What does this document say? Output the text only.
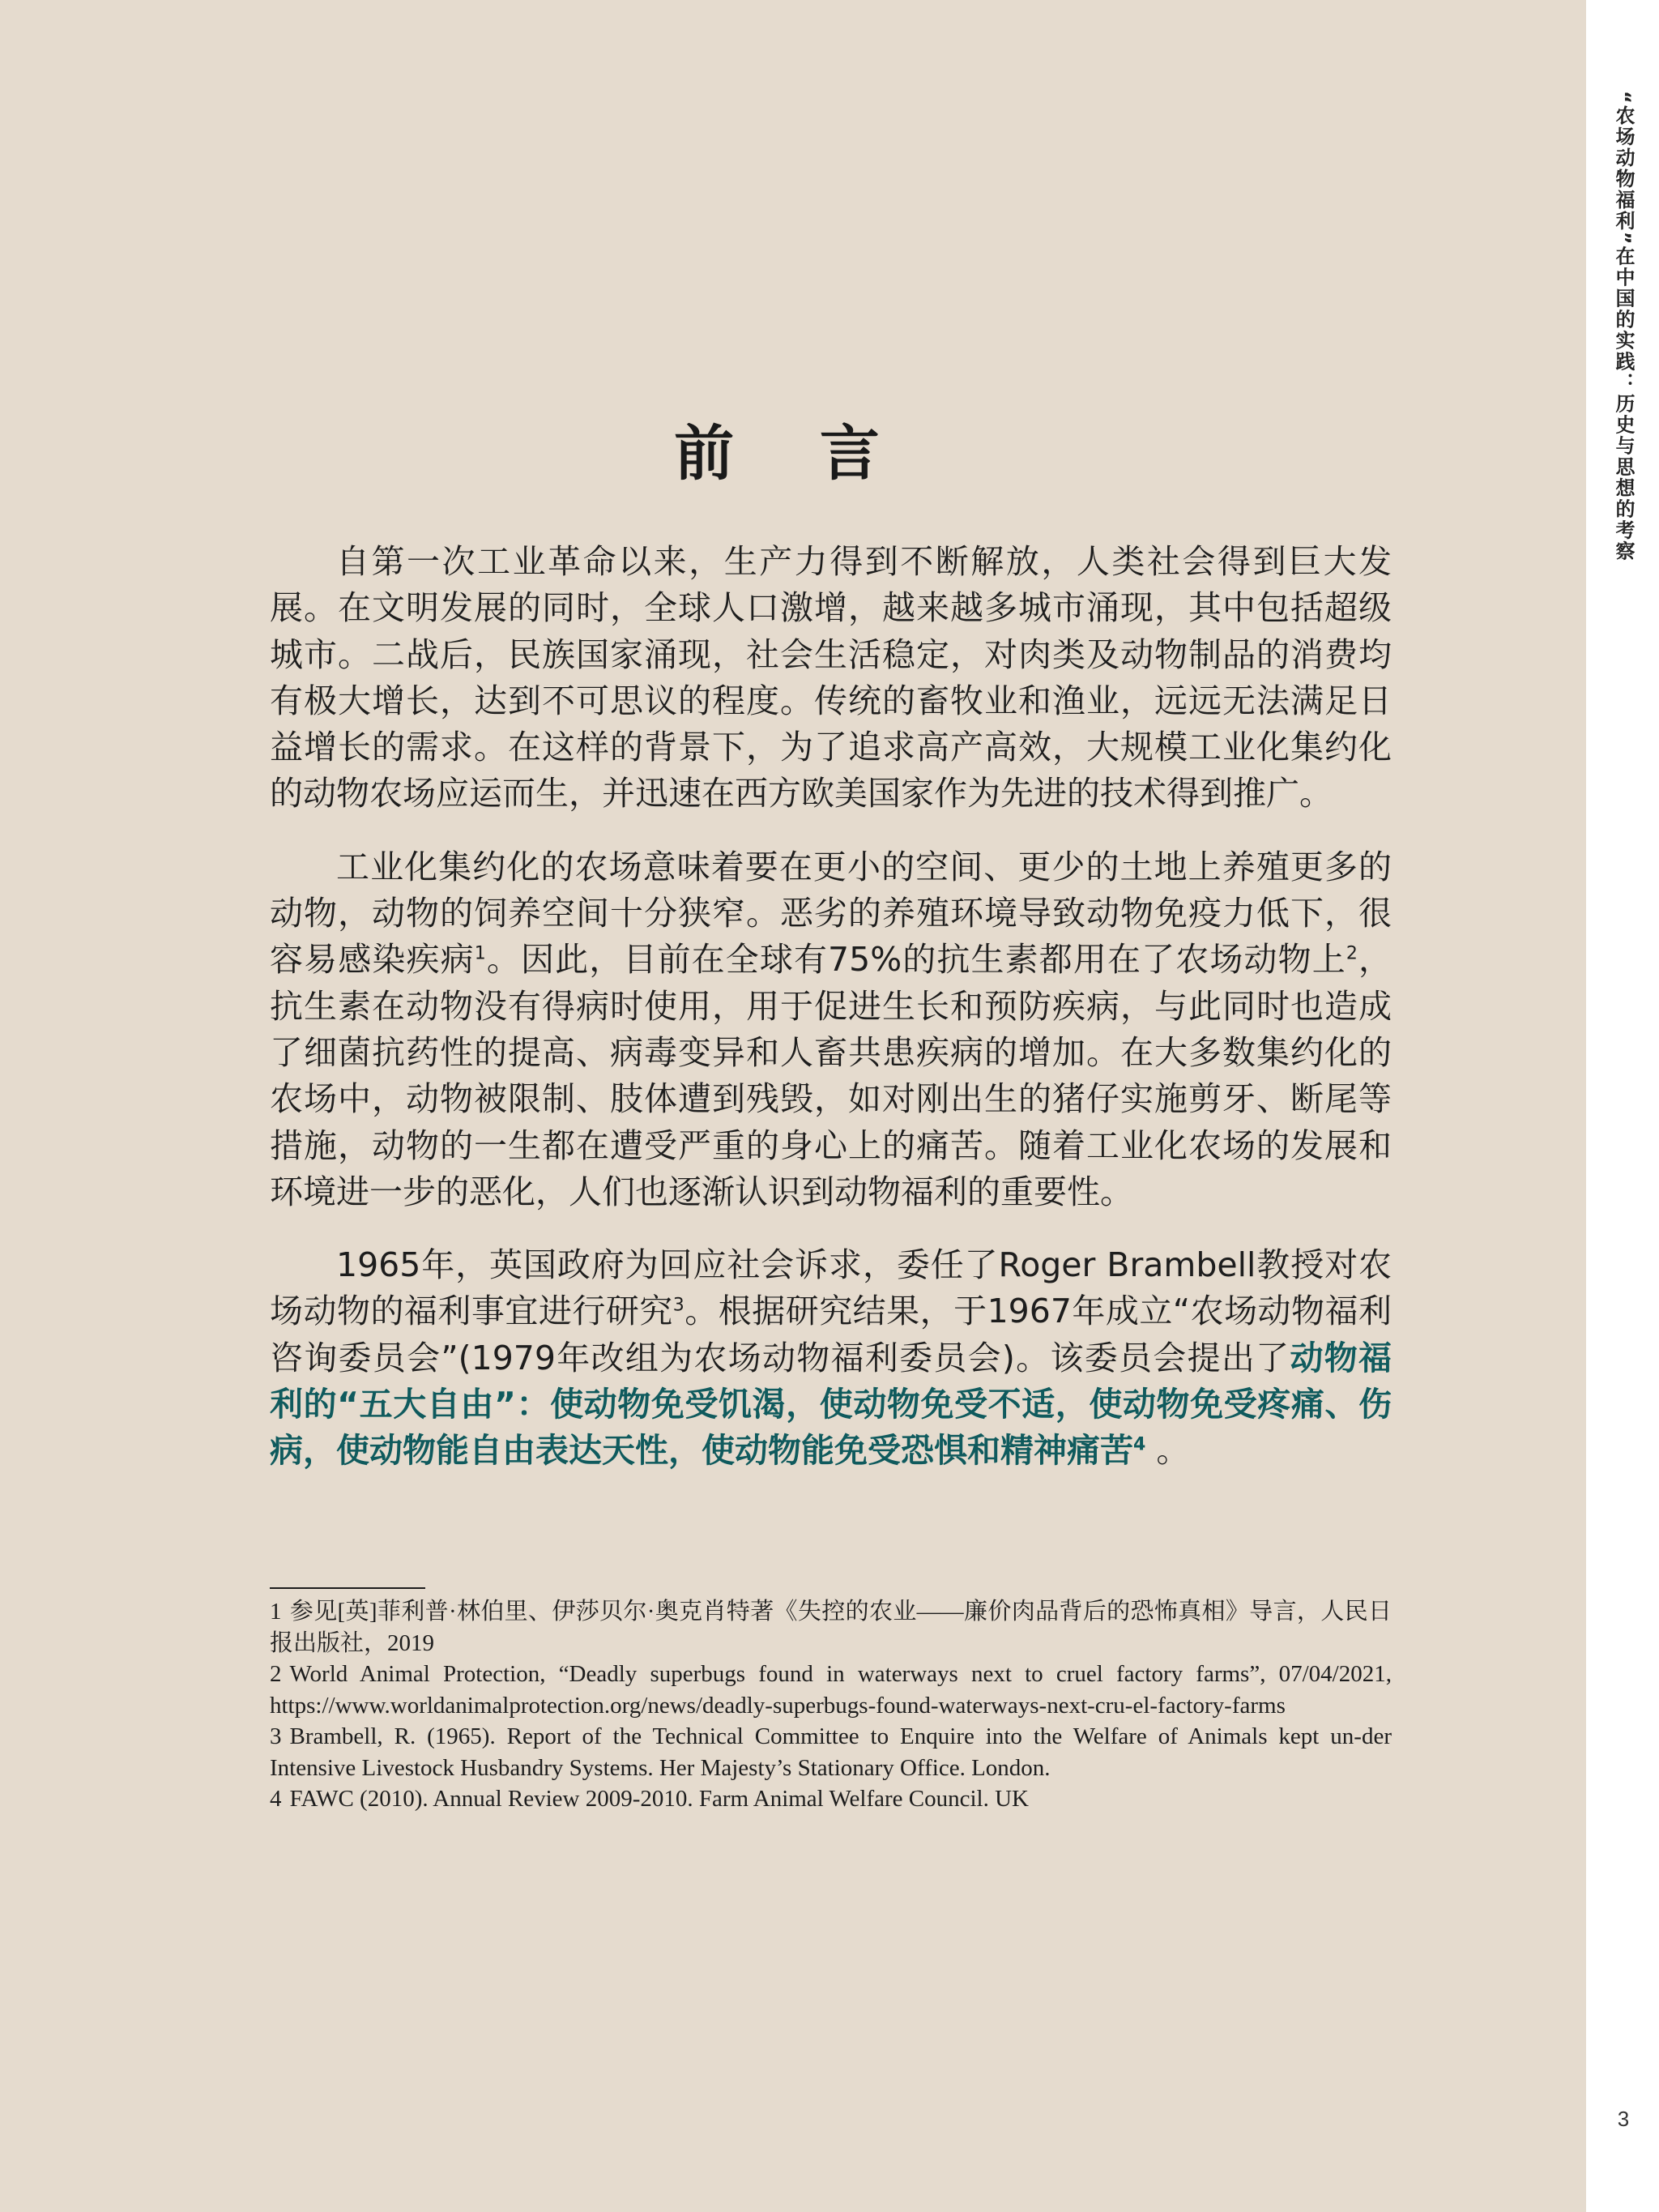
“农场动物福利”在中国的实践：历史与思想的考察
3
前 言

自第一次工业革命以来，生产力得到不断解放，人类社会得到巨大发展。在文明发展的同时，全球人口激增，越来越多城市涌现，其中包括超级城市。二战后，民族国家涌现，社会生活稳定，对肉类及动物制品的消费均有极大增长，达到不可思议的程度。传统的畜牧业和渔业，远远无法满足日益增长的需求。在这样的背景下，为了追求高产高效，大规模工业化集约化的动物农场应运而生，并迅速在西方欧美国家作为先进的技术得到推广。

工业化集约化的农场意味着要在更小的空间、更少的土地上养殖更多的动物，动物的饲养空间十分狭窄。恶劣的养殖环境导致动物免疫力低下，很容易感染疾病$^1$。因此，目前在全球有75%的抗生素都用在了农场动物上$^2$，抗生素在动物没有得病时使用，用于促进生长和预防疾病，与此同时也造成了细菌抗药性的提高、病毒变异和人畜共患疾病的增加。在大多数集约化的农场中，动物被限制、肢体遭到残毁，如对刚出生的猪仔实施剪牙、断尾等措施，动物的一生都在遭受严重的身心上的痛苦。随着工业化农场的发展和环境进一步的恶化，人们也逐渐认识到动物福利的重要性。

1965年，英国政府为回应社会诉求，委任了Roger Brambell教授对农场动物的福利事宜进行研究$^3$。根据研究结果，于1967年成立“农场动物福利咨询委员会”(1979年改组为农场动物福利委员会)。该委员会提出了动物福利的“五大自由”：使动物免受饥渴，使动物免受不适，使动物免受疼痛、伤病，使动物能自由表达天性，使动物能免受恐惧和精神痛苦$^4$ 。

1 参见[英]菲利普·林伯里、伊莎贝尔·奥克肖特著《失控的农业——廉价肉品背后的恐怖真相》导言，人民日报出版社，2019

2 World Animal Protection, “Deadly superbugs found in waterways next to cruel factory farms”, 07/04/2021, https://www.worldanimalprotection.org/news/deadly-superbugs-found-waterways-next-cru-el-factory-farms

3 Brambell, R. (1965). Report of the Technical Committee to Enquire into the Welfare of Animals kept un-der Intensive Livestock Husbandry Systems. Her Majesty’s Stationary Office. London.

4 FAWC (2010). Annual Review 2009-2010. Farm Animal Welfare Council. UK
